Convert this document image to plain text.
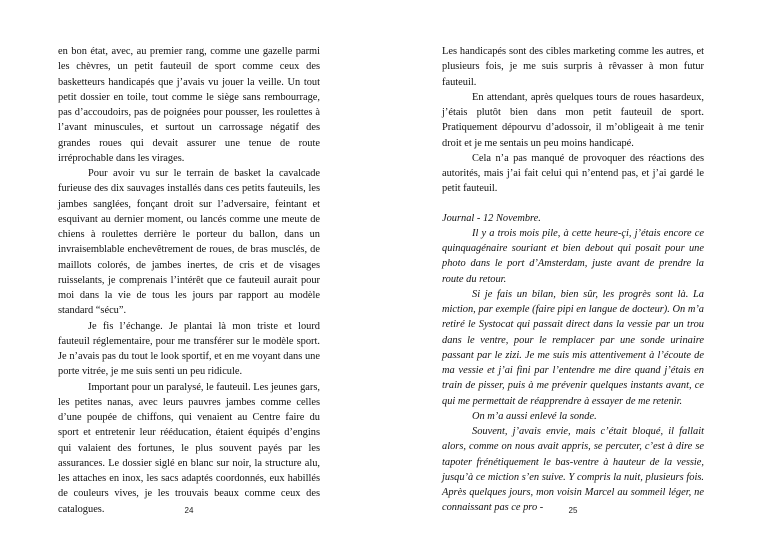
en bon état, avec, au premier rang, comme une gazelle parmi les chèvres, un petit fauteuil de sport comme ceux des basketteurs handicapés que j’avais vu jouer la veille. Un tout petit dossier en toile, tout comme le siège sans rembourrage, pas d’accoudoirs, pas de poignées pour pousser, les roulettes à l’avant minuscules, et surtout un carrossage négatif des grandes roues qui devait assurer une tenue de route irréprochable dans les virages.

Pour avoir vu sur le terrain de basket la cavalcade furieuse des dix sauvages installés dans ces petits fauteuils, les jambes sanglées, fonçant droit sur l’adversaire, feintant et esquivant au dernier moment, ou lancés comme une meute de chiens à roulettes derrière le porteur du ballon, dans un invraisemblable enchevêtrement de roues, de bras musclés, de maillots colorés, de jambes inertes, de cris et de visages ruisselants, je comprenais l’intérêt que ce fauteuil aurait pour moi dans la vie de tous les jours par rapport au modèle standard “sécu”.

Je fis l’échange. Je plantai là mon triste et lourd fauteuil réglementaire, pour me transférer sur le modèle sport. Je n’avais pas du tout le look sportif, et en me voyant dans une porte vitrée, je me suis senti un peu ridicule.

Important pour un paralysé, le fauteuil. Les jeunes gars, les petites nanas, avec leurs pauvres jambes comme celles d’une poupée de chiffons, qui venaient au Centre faire du sport et entretenir leur rééducation, étaient équipés d’engins qui valaient des fortunes, le plus souvent payés par les assurances. Le dossier siglé en blanc sur noir, la structure alu, les attaches en inox, les sacs adaptés coordonnés, eux habillés de couleurs vives, je les trouvais beaux comme ceux des catalogues.	24

Les handicapés sont des cibles marketing comme les autres, et plusieurs fois, je me suis surpris à rêvasser à mon futur fauteuil.

En attendant, après quelques tours de roues hasardeux, j’étais plutôt bien dans mon petit fauteuil de sport. Pratiquement dépourvu d’adossoir, il m’obligeait à me tenir droit et je me sentais un peu moins handicapé.

Cela n’a pas manqué de provoquer des réactions des autorités, mais j’ai fait celui qui n’entend pas, et j’ai gardé le petit fauteuil.

Journal - 12 Novembre.

Il y a trois mois pile, à cette heure-çi, j’étais encore ce quinquagénaire souriant et bien debout qui posait pour une photo dans le port d’Amsterdam, juste avant de prendre la route du retour.

Si je fais un bilan, bien sûr, les progrès sont là. La miction, par exemple (faire pipi en langue de docteur). On m’a retiré le Systocat qui passait direct dans la vessie par un trou dans le ventre, pour le remplacer par une sonde urinaire passant par le zizi. Je me suis mis attentivement à l’écoute de ma vessie et j’ai fini par l’entendre me dire quand j’étais en train de pisser, puis à me prévenir quelques instants avant, ce qui me permettait de réapprendre à essayer de me retenir.

On m’a aussi enlevé la sonde.

Souvent, j’avais envie, mais c’était bloqué, il fallait alors, comme on nous avait appris, se percuter, c’est à dire se tapoter frénétiquement le bas-ventre à hauteur de la vessie, jusqu’à ce miction s’en suive. Y compris la nuit, plusieurs fois. Après quelques jours, mon voisin Marcel au sommeil léger, ne connaissant pas ce pro -	25
